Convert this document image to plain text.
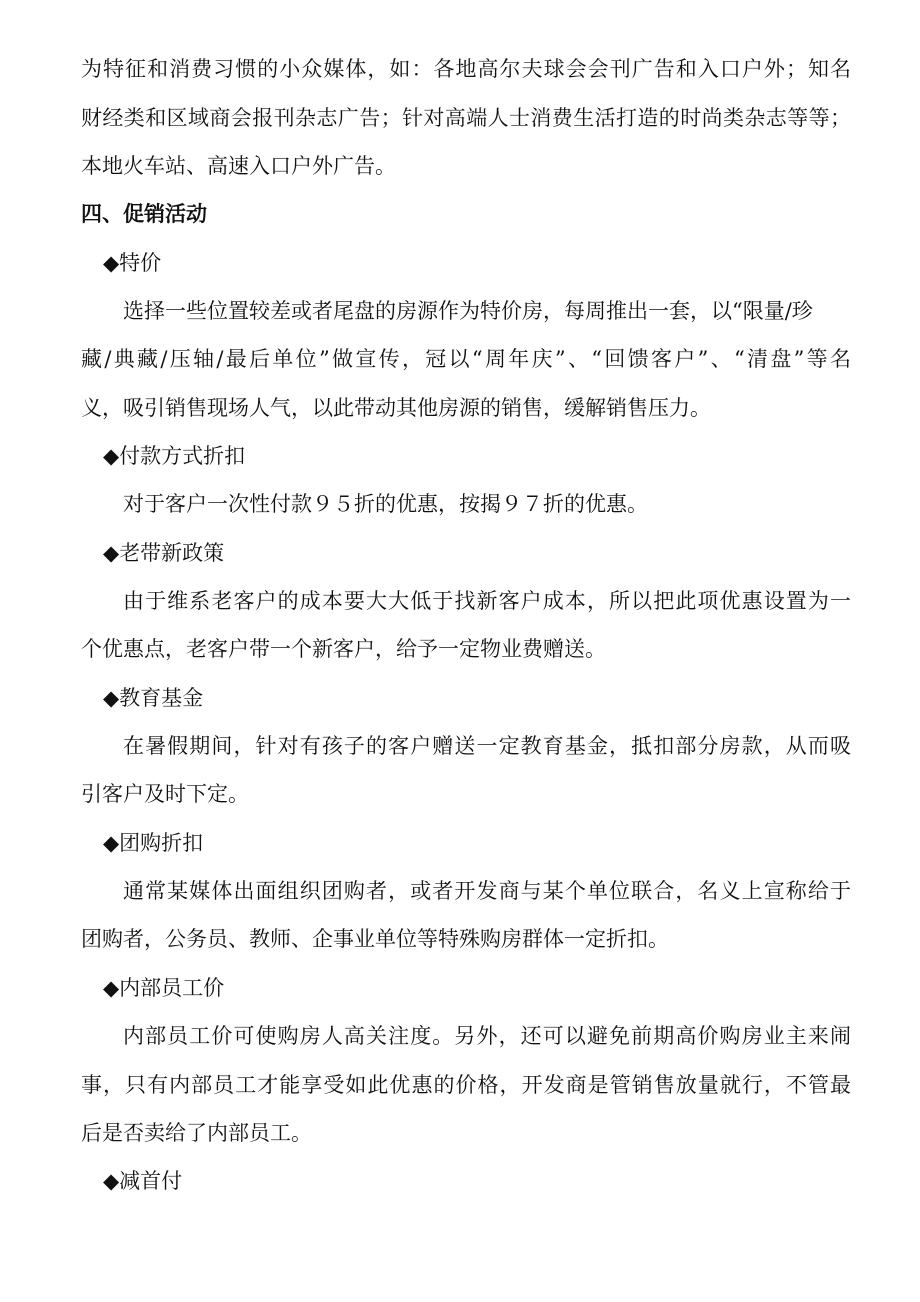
为特征和消费习惯的小众媒体，如：各地高尔夫球会会刊广告和入口户外；知名
财经类和区域商会报刊杂志广告；针对高端人士消费生活打造的时尚类杂志等等；
本地火车站、高速入口户外广告。
四、促销活动
◆特价
选择一些位置较差或者尾盘的房源作为特价房，每周推出一套，以“限量/珍
藏/典藏/压轴/最后单位”做宣传，冠以“周年庆”、“回馈客户”、“清盘”等名
义，吸引销售现场人气，以此带动其他房源的销售，缓解销售压力。
◆付款方式折扣
对于客户一次性付款９５折的优惠，按揭９７折的优惠。
◆老带新政策
由于维系老客户的成本要大大低于找新客户成本，所以把此项优惠设置为一
个优惠点，老客户带一个新客户，给予一定物业费赠送。
◆教育基金
在暑假期间，针对有孩子的客户赠送一定教育基金，抵扣部分房款，从而吸
引客户及时下定。
◆团购折扣
通常某媒体出面组织团购者，或者开发商与某个单位联合，名义上宣称给于
团购者，公务员、教师、企事业单位等特殊购房群体一定折扣。
◆内部员工价
内部员工价可使购房人高关注度。另外，还可以避免前期高价购房业主来闹
事，只有内部员工才能享受如此优惠的价格，开发商是管销售放量就行，不管最
后是否卖给了内部员工。
◆减首付
